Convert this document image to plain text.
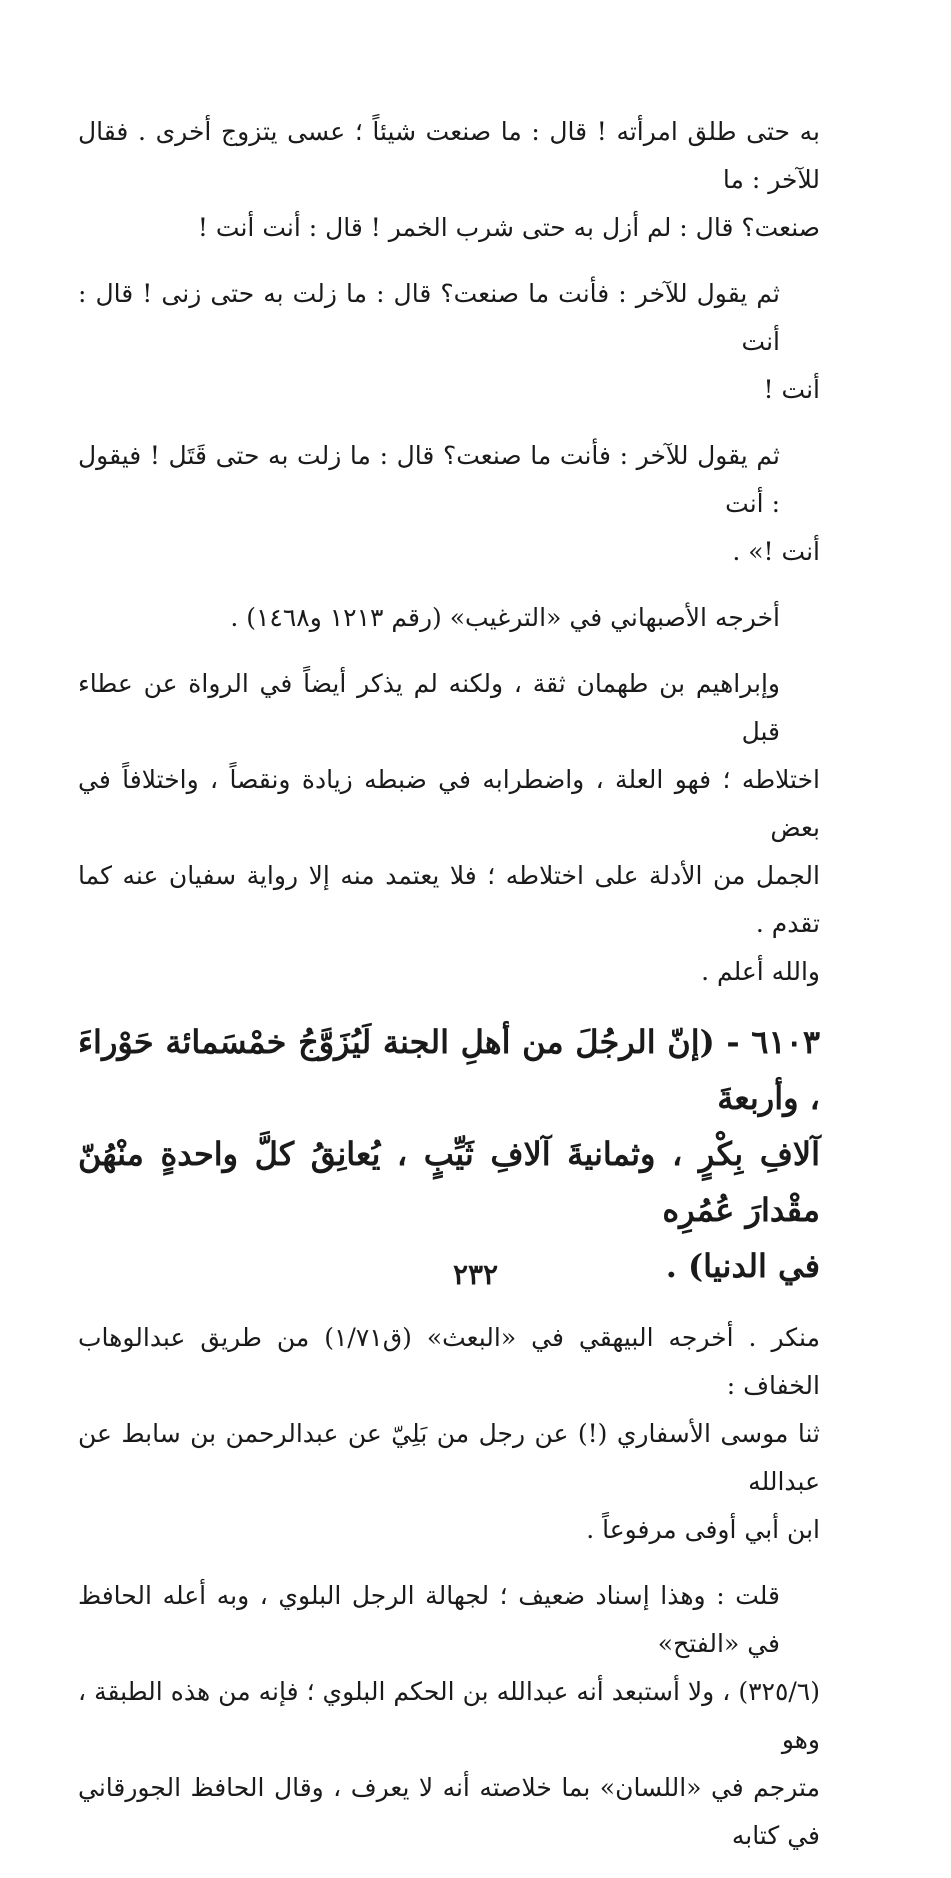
به حتى طلق امرأته ! قال : ما صنعت شيئاً ؛ عسى يتزوج أخرى . فقال للآخر : ما
صنعت؟ قال : لم أزل به حتى شرب الخمر ! قال : أنت أنت !

ثم يقول للآخر : فأنت ما صنعت؟ قال : ما زلت به حتى زنى ! قال : أنت
أنت !

ثم يقول للآخر : فأنت ما صنعت؟ قال : ما زلت به حتى قَتَل ! فيقول : أنت
أنت !» .

أخرجه الأصبهاني في «الترغيب» (رقم ١٢١٣ و١٤٦٨) .

وإبراهيم بن طهمان ثقة ، ولكنه لم يذكر أيضاً في الرواة عن عطاء قبل
اختلاطه ؛ فهو العلة ، واضطرابه في ضبطه زيادة ونقصاً ، واختلافاً في بعض
الجمل من الأدلة على اختلاطه ؛ فلا يعتمد منه إلا رواية سفيان عنه كما تقدم .
والله أعلم .

٦١٠٣ - (إنّ الرجُلَ من أهلِ الجنة لَيُزَوَّجُ خمْسَمائة حَوْراءَ ، وأربعةَ
آلافِ بِكْرٍ ، وثمانيةَ آلافِ ثَيِّبٍ ، يُعانِقُ كلَّ واحدةٍ منْهُنّ مقْدارَ عُمُرِه
في الدنيا) .

منكر . أخرجه البيهقي في «البعث» (ق١/٧١) من طريق عبدالوهاب الخفاف :
ثنا موسى الأسفاري (!) عن رجل من بَلِيّ عن عبدالرحمن بن سابط عن عبدالله
ابن أبي أوفى مرفوعاً .

قلت : وهذا إسناد ضعيف ؛ لجهالة الرجل البلوي ، وبه أعله الحافظ في «الفتح»
(٣٢٥/٦) ، ولا أستبعد أنه عبدالله بن الحكم البلوي ؛ فإنه من هذه الطبقة ، وهو
مترجم في «اللسان» بما خلاصته أنه لا يعرف ، وقال الحافظ الجورقاني في كتابه

٢٣٢
